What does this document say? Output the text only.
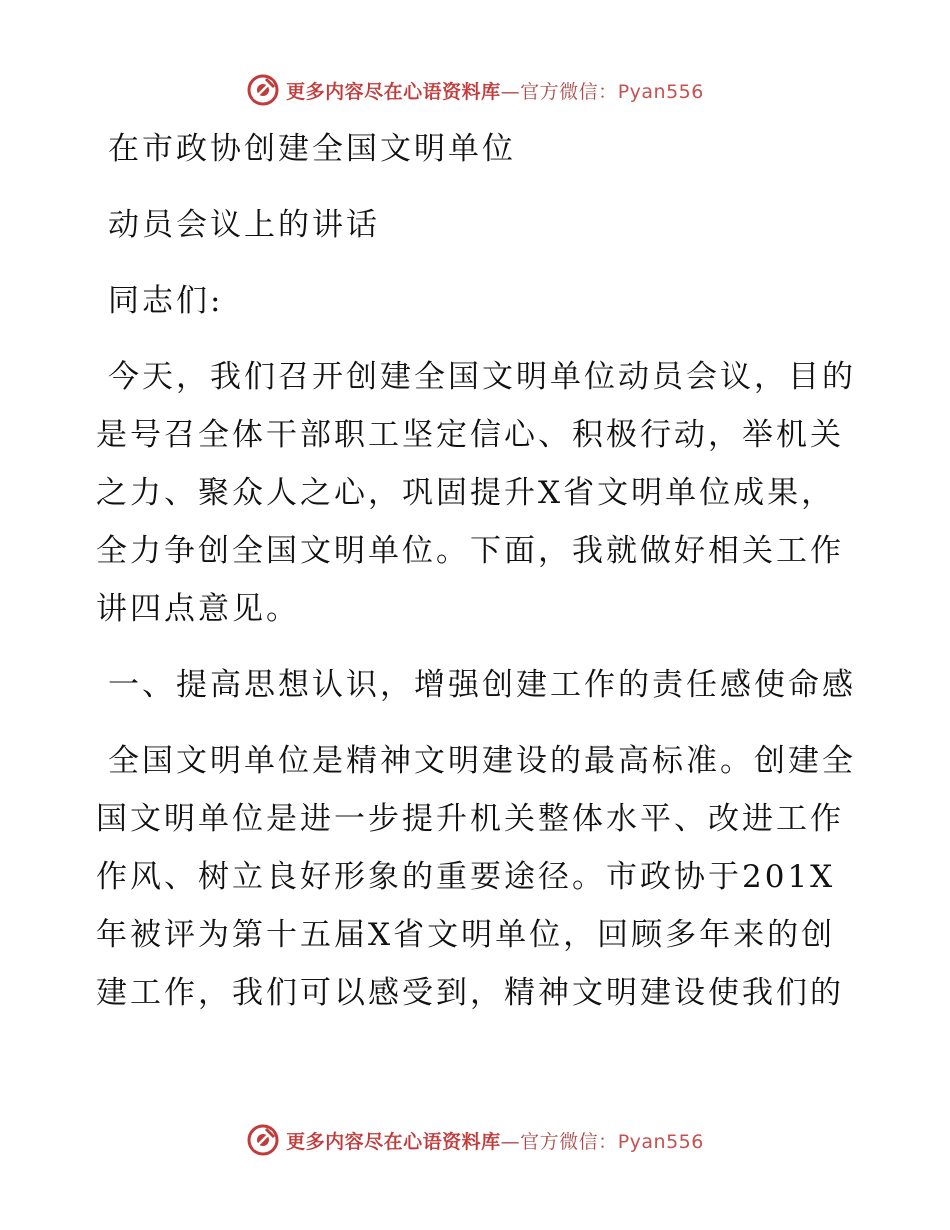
更多内容尽在心语资料库—官方微信：Pyan556

在市政协创建全国文明单位

动员会议上的讲话

同志们:

今天，我们召开创建全国文明单位动员会议，目的是号召全体干部职工坚定信心、积极行动，举机关之力、聚众人之心，巩固提升X省文明单位成果，全力争创全国文明单位。下面，我就做好相关工作讲四点意见。

一、提高思想认识，增强创建工作的责任感使命感

全国文明单位是精神文明建设的最高标准。创建全国文明单位是进一步提升机关整体水平、改进工作作风、树立良好形象的重要途径。市政协于201X年被评为第十五届X省文明单位，回顾多年来的创建工作，我们可以感受到，精神文明建设使我们的

更多内容尽在心语资料库—官方微信：Pyan556
